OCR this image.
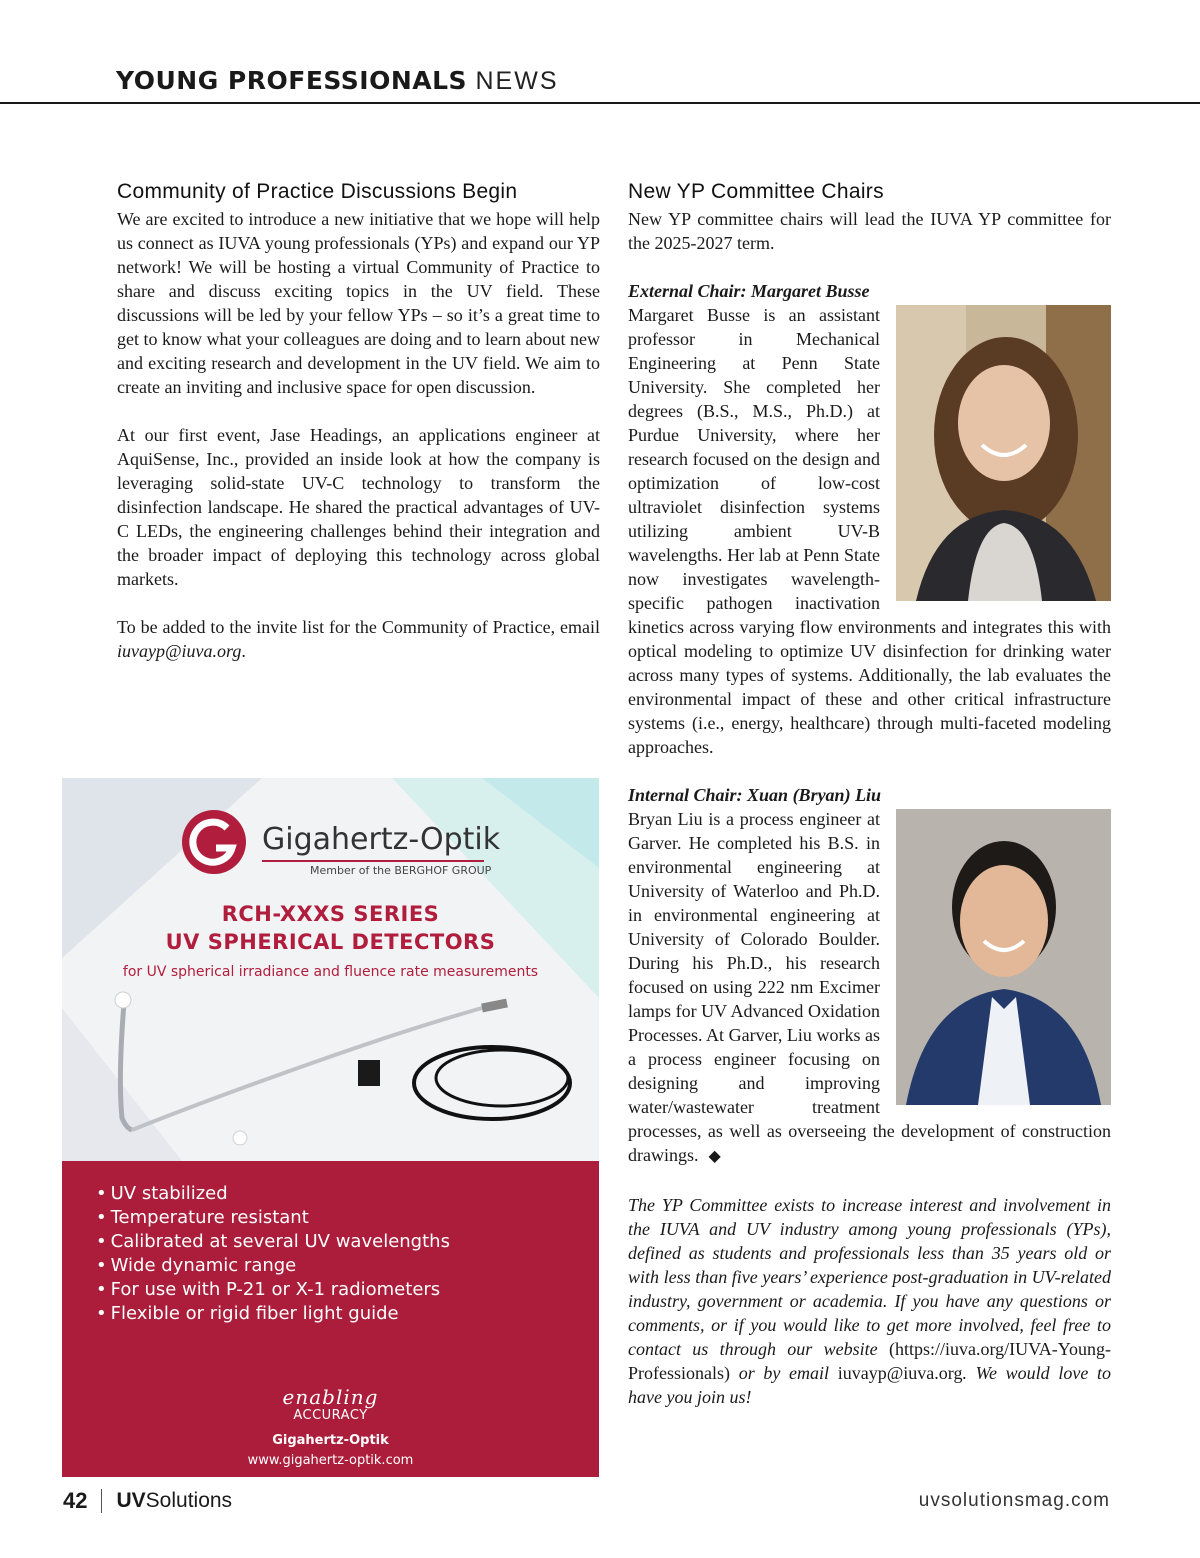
YOUNG PROFESSIONALS NEWS
Community of Practice Discussions Begin

We are excited to introduce a new initiative that we hope will help us connect as IUVA young professionals (YPs) and expand our YP network! We will be hosting a virtual Community of Practice to share and discuss exciting topics in the UV field. These discussions will be led by your fellow YPs – so it’s a great time to get to know what your colleagues are doing and to learn about new and exciting research and development in the UV field. We aim to create an inviting and inclusive space for open discussion.

At our first event, Jase Headings, an applications engineer at AquiSense, Inc., provided an inside look at how the company is leveraging solid-state UV-C technology to transform the disinfection landscape. He shared the practical advantages of UV-C LEDs, the engineering challenges behind their integration and the broader impact of deploying this technology across global markets.

To be added to the invite list for the Community of Practice, email iuvayp@iuva.org.

New YP Committee Chairs

New YP committee chairs will lead the IUVA YP committee for the 2025-2027 term.

External Chair: Margaret Busse

Margaret Busse is an assistant professor in Mechanical Engineering at Penn State University. She completed her degrees (B.S., M.S., Ph.D.) at Purdue University, where her research focused on the design and optimization of low-cost ultraviolet disinfection systems utilizing ambient UV-B wavelengths. Her lab at Penn State now investigates wavelength-specific pathogen inactivation kinetics across varying flow environments and integrates this with optical modeling to optimize UV disinfection for drinking water across many types of systems. Additionally, the lab evaluates the environmental impact of these and other critical infrastructure systems (i.e., energy, healthcare) through multi-faceted modeling approaches.

Internal Chair: Xuan (Bryan) Liu

Bryan Liu is a process engineer at Garver. He completed his B.S. in environmental engineering at University of Waterloo and Ph.D. in environmental engineering at University of Colorado Boulder. During his Ph.D., his research focused on using 222 nm Excimer lamps for UV Advanced Oxidation Processes. At Garver, Liu works as a process engineer focusing on designing and improving water/wastewater treatment processes, as well as overseeing the development of construction drawings. ◆

The YP Committee exists to increase interest and involvement in the IUVA and UV industry among young professionals (YPs), defined as students and professionals less than 35 years old or with less than five years’ experience post-graduation in UV-related industry, government or academia. If you have any questions or comments, or if you would like to get more involved, feel free to contact us through our website (https://iuva.org/IUVA-Young-Professionals) or by email iuvayp@iuva.org. We would love to have you join us!

Gigahertz-Optik
Member of the BERGHOF GROUP
RCH-XXXS SERIES
UV SPHERICAL DETECTORS
for UV spherical irradiance and fluence rate measurements
• UV stabilized
• Temperature resistant
• Calibrated at several UV wavelengths
• Wide dynamic range
• For use with P-21 or X-1 radiometers
• Flexible or rigid fiber light guide
enabling
ACCURACY
Gigahertz-Optik
www.gigahertz-optik.com
42 UV Solutions	uvsolutionsmag.com
